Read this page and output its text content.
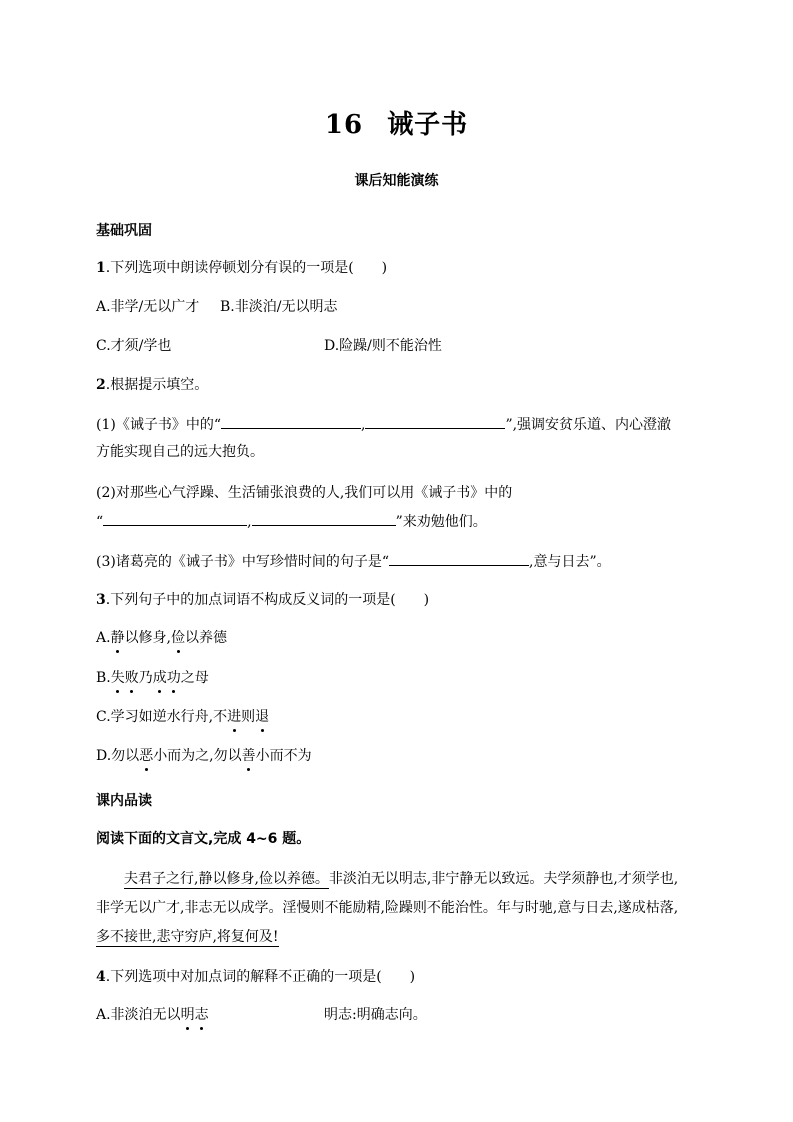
16 诫子书
课后知能演练
基础巩固
1.下列选项中朗读停顿划分有误的一项是(　　)
A.非学/无以广才 B.非淡泊/无以明志
C.才须/学也	D.险躁/则不能治性
2.根据提示填空。
(1)《诫子书》中的“	,	”,强调安贫乐道、内心澄澈
方能实现自己的远大抱负。
(2)对那些心气浮躁、生活铺张浪费的人,我们可以用《诫子书》中的
“	,	”来劝勉他们。
(3)诸葛亮的《诫子书》中写珍惜时间的句子是“	,意与日去”。
3.下列句子中的加点词语不构成反义词的一项是(　　)
A.静以修身,俭以养德
B.失败乃成功之母
C.学习如逆水行舟,不进则退
D.勿以恶小而为之,勿以善小而不为
课内品读
阅读下面的文言文,完成 4~6 题。
夫君子之行,静以修身,俭以养德。非淡泊无以明志,非宁静无以致远。夫学须静也,才须学也,
非学无以广才,非志无以成学。淫慢则不能励精,险躁则不能治性。年与时驰,意与日去,遂成枯落,
多不接世,悲守穷庐,将复何及!
4.下列选项中对加点词的解释不正确的一项是(　　)
A.非淡泊无以明志	明志:明确志向。
